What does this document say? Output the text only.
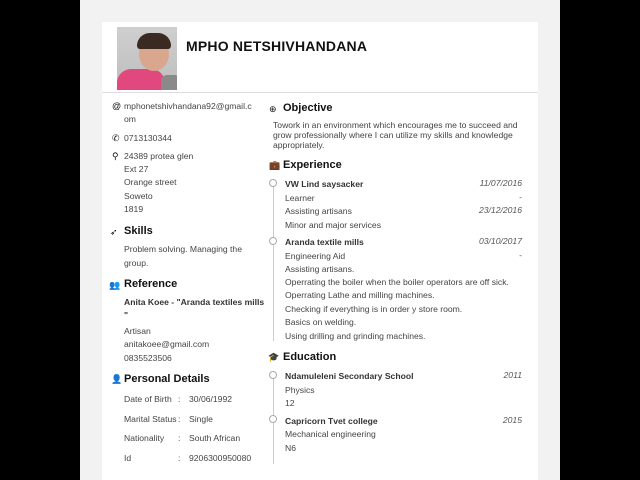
MPHO NETSHIVHANDANA
@ mphonetshivhandana92@gmail.c
om
✆ 0713130344
⚲ 24389 protea glen
Ext 27
Orange street
Soweto
1819
➶ Skills
Problem solving. Managing the
group.
👥 Reference
Anita Koee - "Aranda textiles mills
"
Artisan
anitakoee@gmail.com
0835523506
👤 Personal Details
Date of Birth : 30/06/1992
Marital Status : Single
Nationality : South African
Id	: 9206300950080
⊕ Objective
Towork in an environment which encourages me to succeed and
grow professionally where I can utilize my skills and knowledge
appropriately.
💼 Experience
VW Lind saysacker	11/07/2016
Learner	-
Assisting artisans	23/12/2016
Minor and major services
Aranda textile mills	03/10/2017
Engineering Aid	-
Assisting artisans.
Operrating the boiler when the boiler operators are off sick.
Operrating Lathe and milling machines.
Checking if everything is in order y store room.
Basics on welding.
Using drilling and grinding machines.
🎓 Education
Ndamuleleni Secondary School	2011
Physics
12
Capricorn Tvet college	2015
Mechanical engineering
N6
